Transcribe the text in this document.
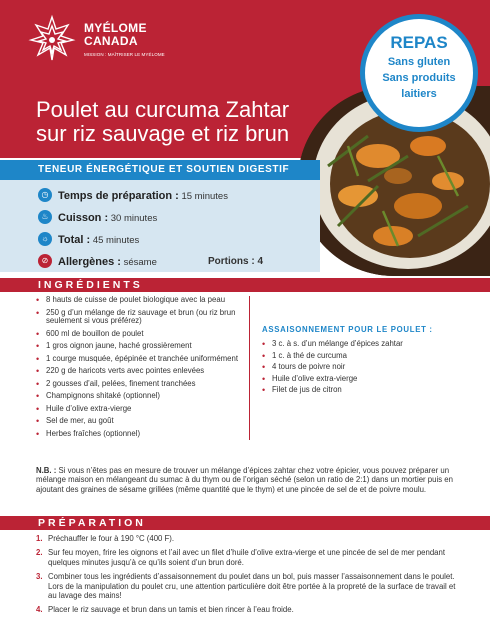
MYÉLOME
CANADA
MISSION : MAÎTRISER LE MYÉLOME
Poulet au curcuma Zahtar sur riz sauvage et riz brun
REPAS
Sans gluten
Sans produits
laitiers
TENEUR ÉNERGÉTIQUE ET SOUTIEN DIGESTIF
◷ Temps de préparation : 15 minutes
♨ Cuisson : 30 minutes
☼ Total : 45 minutes
⊘ Allergènes : sésame	Portions : 4
INGRÉDIENTS
• 8 hauts de cuisse de poulet biologique avec la peau
• 250 g d’un mélange de riz sauvage et brun (ou riz brun seulement si vous préférez)
• 600 ml de bouillon de poulet
• 1 gros oignon jaune, haché grossièrement
• 1 courge musquée, épépinée et tranchée uniformément
• 220 g de haricots verts avec pointes enlevées
• 2 gousses d’ail, pelées, finement tranchées
• Champignons shitaké (optionnel)
• Huile d’olive extra-vierge
• Sel de mer, au goût
• Herbes fraîches (optionnel)
ASSAISONNEMENT POUR LE POULET :
• 3 c. à s. d’un mélange d’épices zahtar
• 1 c. à thé de curcuma
• 4 tours de poivre noir
• Huile d’olive extra-vierge
• Filet de jus de citron

N.B. : Si vous n’êtes pas en mesure de trouver un mélange d’épices zahtar chez votre épicier, vous pouvez préparer un mélange maison en mélangeant du sumac à du thym ou de l’origan séché (selon un ratio de 2:1) dans un mortier puis en ajoutant des graines de sésame grillées (même quantité que le thym) et une pincée de sel de et de poivre moulu.

PRÉPARATION
1. Préchauffer le four à 190 °C (400 F).
2. Sur feu moyen, frire les oignons et l’ail avec un filet d’huile d’olive extra-vierge et une pincée de sel de mer pendant quelques minutes jusqu’à ce qu’ils soient d’un brun doré.
3. Combiner tous les ingrédients d’assaisonnement du poulet dans un bol, puis masser l’assaisonnement dans le poulet. Lors de la manipulation du poulet cru, une attention particulière doit être portée à la propreté de la surface de travail et au lavage des mains!
4. Placer le riz sauvage et brun dans un tamis et bien rincer à l’eau froide.
